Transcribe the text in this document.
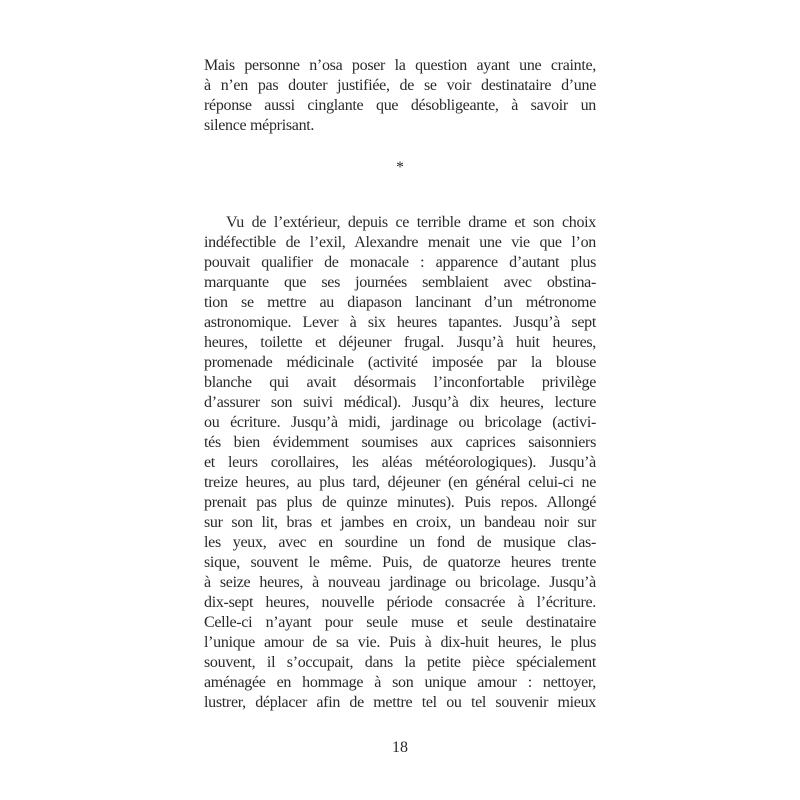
Mais personne n’osa poser la question ayant une crainte,
à n’en pas douter justifiée, de se voir destinataire d’une
réponse aussi cinglante que désobligeante, à savoir un
silence méprisant.
*
Vu de l’extérieur, depuis ce terrible drame et son choix
indéfectible de l’exil, Alexandre menait une vie que l’on
pouvait qualifier de monacale : apparence d’autant plus
marquante que ses journées semblaient avec obstina-
tion se mettre au diapason lancinant d’un métronome
astronomique. Lever à six heures tapantes. Jusqu’à sept
heures, toilette et déjeuner frugal. Jusqu’à huit heures,
promenade médicinale (activité imposée par la blouse
blanche qui avait désormais l’inconfortable privilège
d’assurer son suivi médical). Jusqu’à dix heures, lecture
ou écriture. Jusqu’à midi, jardinage ou bricolage (activi-
tés bien évidemment soumises aux caprices saisonniers
et leurs corollaires, les aléas météorologiques). Jusqu’à
treize heures, au plus tard, déjeuner (en général celui-ci ne
prenait pas plus de quinze minutes). Puis repos. Allongé
sur son lit, bras et jambes en croix, un bandeau noir sur
les yeux, avec en sourdine un fond de musique clas-
sique, souvent le même. Puis, de quatorze heures trente
à seize heures, à nouveau jardinage ou bricolage. Jusqu’à
dix-sept heures, nouvelle période consacrée à l’écriture.
Celle-ci n’ayant pour seule muse et seule destinataire
l’unique amour de sa vie. Puis à dix-huit heures, le plus
souvent, il s’occupait, dans la petite pièce spécialement
aménagée en hommage à son unique amour : nettoyer,
lustrer, déplacer afin de mettre tel ou tel souvenir mieux
18
